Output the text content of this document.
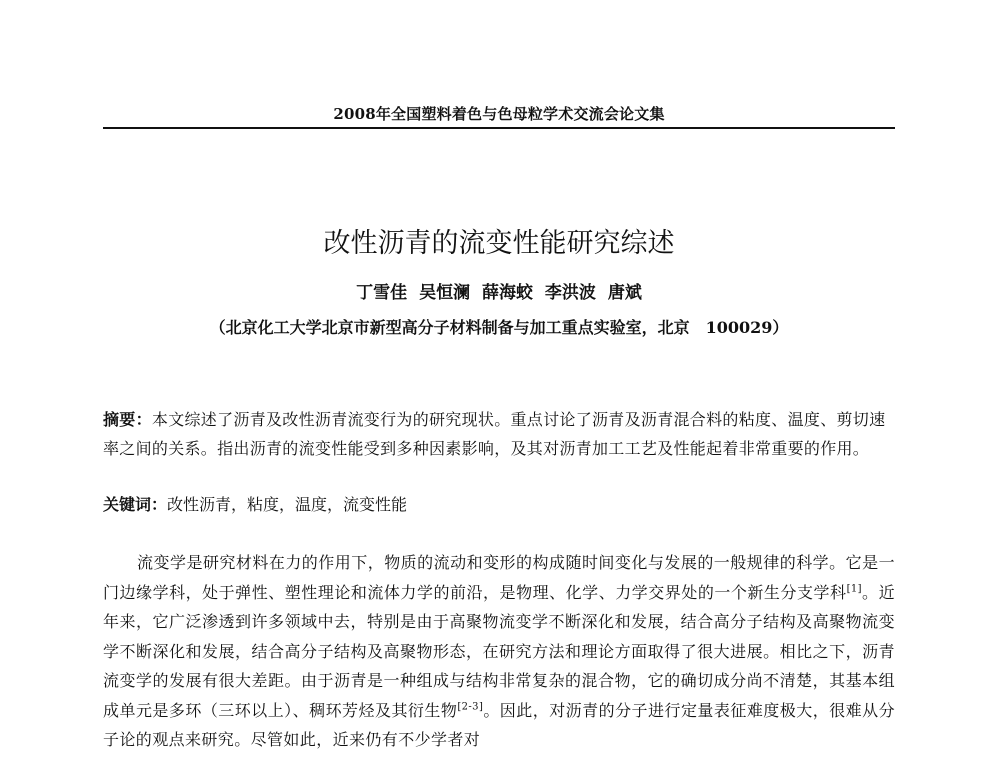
2008年全国塑料着色与色母粒学术交流会论文集
改性沥青的流变性能研究综述
丁雪佳 吴恒澜 薛海蛟 李洪波 唐斌
（北京化工大学北京市新型高分子材料制备与加工重点实验室，北京　100029）
摘要：本文综述了沥青及改性沥青流变行为的研究现状。重点讨论了沥青及沥青混合料的粘度、温度、剪切速率之间的关系。指出沥青的流变性能受到多种因素影响，及其对沥青加工工艺及性能起着非常重要的作用。
关键词：改性沥青，粘度，温度，流变性能
流变学是研究材料在力的作用下，物质的流动和变形的构成随时间变化与发展的一般规律的科学。它是一门边缘学科，处于弹性、塑性理论和流体力学的前沿，是物理、化学、力学交界处的一个新生分支学科[1]。近年来，它广泛渗透到许多领域中去，特别是由于高聚物流变学不断深化和发展，结合高分子结构及高聚物流变学不断深化和发展，结合高分子结构及高聚物形态，在研究方法和理论方面取得了很大进展。相比之下，沥青流变学的发展有很大差距。由于沥青是一种组成与结构非常复杂的混合物，它的确切成分尚不清楚，其基本组成单元是多环（三环以上）、稠环芳烃及其衍生物[2-3]。因此，对沥青的分子进行定量表征难度极大，很难从分子论的观点来研究。尽管如此，近来仍有不少学者对
